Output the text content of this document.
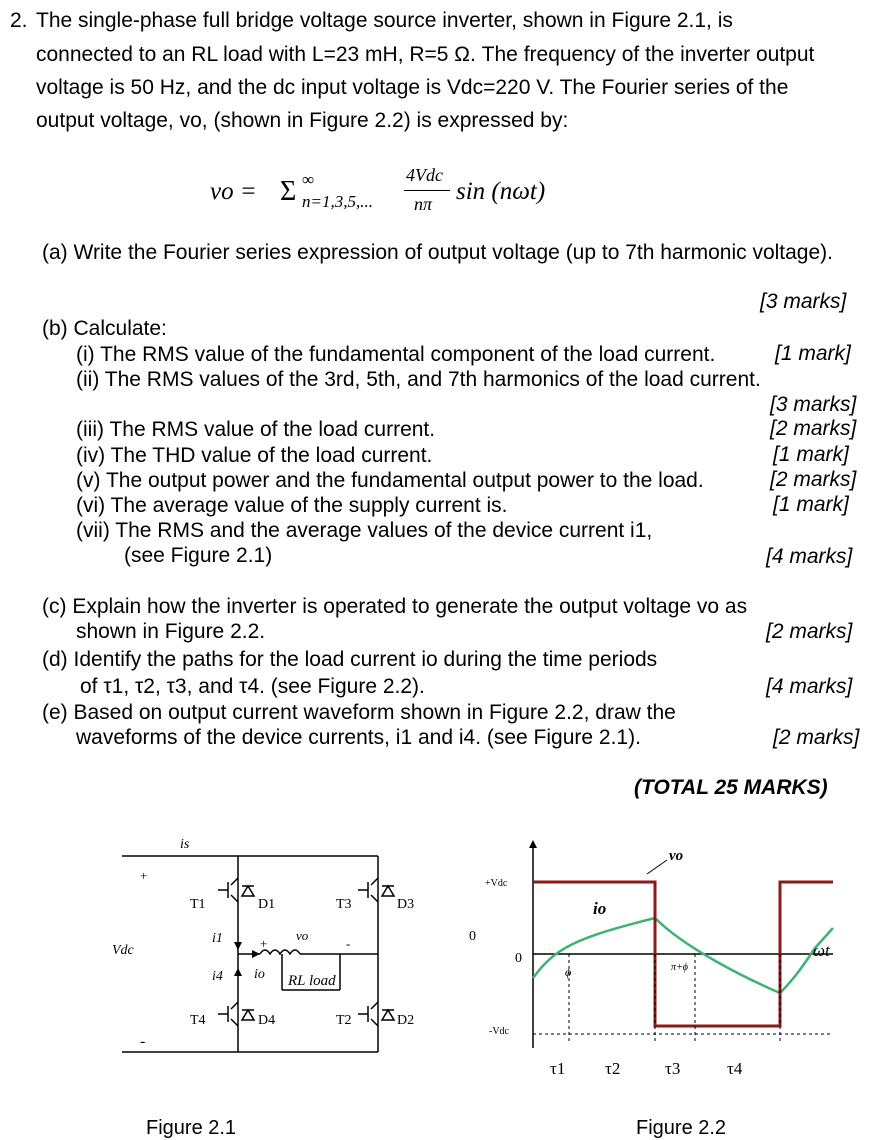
2. The single-phase full bridge voltage source inverter, shown in Figure 2.1, is
connected to an RL load with L=23 mH, R=5 Ω. The frequency of the inverter output
voltage is 50 Hz, and the dc input voltage is Vdc=220 V. The Fourier series of the
output voltage, vo, (shown in Figure 2.2) is expressed by:
vo = Σ ∞
n=1,3,5,...
4Vdc
nπ sin (nωt)
(a) Write the Fourier series expression of output voltage (up to 7th harmonic voltage).
[3 marks]
(b) Calculate:
(i) The RMS value of the fundamental component of the load current.	[1 mark]
(ii) The RMS values of the 3rd, 5th, and 7th harmonics of the load current.
[3 marks]
(iii) The RMS value of the load current.	[2 marks]
(iv) The THD value of the load current.	[1 mark]
(v) The output power and the fundamental output power to the load.	[2 marks]
(vi) The average value of the supply current is.	[1 mark]
(vii) The RMS and the average values of the device current i1,
(see Figure 2.1)	[4 marks]
(c) Explain how the inverter is operated to generate the output voltage vo as
shown in Figure 2.2.	[2 marks]
(d) Identify the paths for the load current io during the time periods
of τ1, τ2, τ3, and τ4. (see Figure 2.2).	[4 marks]
(e) Based on output current waveform shown in Figure 2.2, draw the
waveforms of the device currents, i1 and i4. (see Figure 2.1).	[2 marks]
(TOTAL 25 MARKS)
is
+
-
Vdc
T1	D1	T3	D3
T4	D4	T2	D2
i1
i4 io
vo
+	-
RL load
Figure 2.1
0
0
+Vdc
-Vdc
vo
io
ϕ	π+ϕ
ωt
τ1 τ2	τ3	τ4
Figure 2.2
